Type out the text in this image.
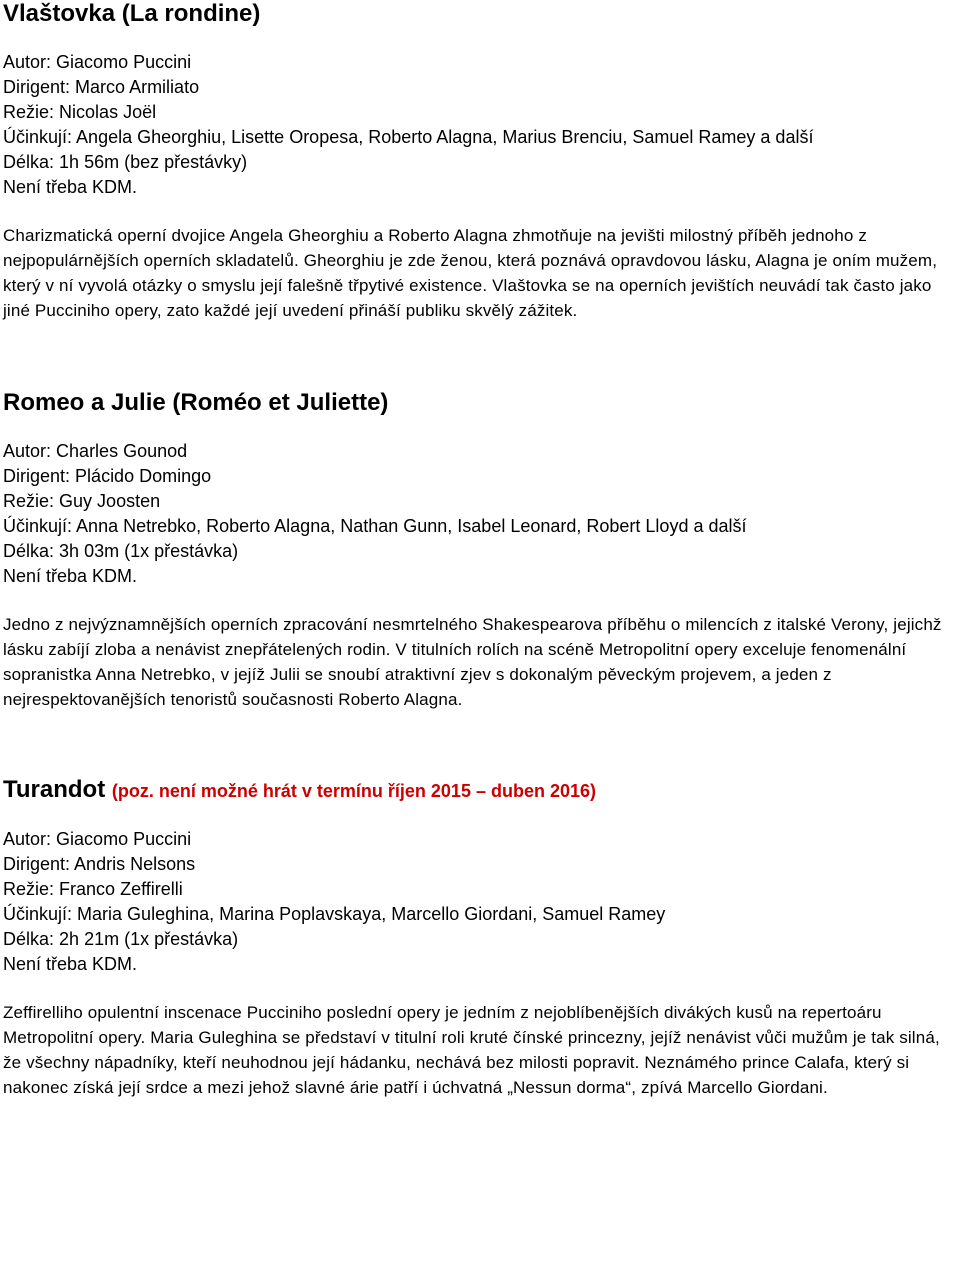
Vlaštovka (La rondine)
Autor: Giacomo Puccini
Dirigent: Marco Armiliato
Režie: Nicolas Joël
Účinkují: Angela Gheorghiu, Lisette Oropesa, Roberto Alagna, Marius Brenciu, Samuel Ramey a další
Délka: 1h 56m (bez přestávky)
Není třeba KDM.

Charizmatická operní dvojice Angela Gheorghiu a Roberto Alagna zhmotňuje na jevišti milostný příběh jednoho z nejpopulárnějších operních skladatelů. Gheorghiu je zde ženou, která poznává opravdovou lásku, Alagna je oním mužem, který v ní vyvolá otázky o smyslu její falešně třpytivé existence. Vlaštovka se na operních jevištích neuvádí tak často jako jiné Pucciniho opery, zato každé její uvedení přináší publiku skvělý zážitek.

Romeo a Julie (Roméo et Juliette)
Autor: Charles Gounod
Dirigent: Plácido Domingo
Režie: Guy Joosten
Účinkují: Anna Netrebko, Roberto Alagna, Nathan Gunn, Isabel Leonard, Robert Lloyd a další
Délka: 3h 03m (1x přestávka)
Není třeba KDM.

Jedno z nejvýznamnějších operních zpracování nesmrtelného Shakespearova příběhu o milencích z italské Verony, jejichž lásku zabíjí zloba a nenávist znepřátelených rodin. V titulních rolích na scéně Metropolitní opery exceluje fenomenální sopranistka Anna Netrebko, v jejíž Julii se snoubí atraktivní zjev s dokonalým pěveckým projevem, a jeden z nejrespektovanějších tenoristů současnosti Roberto Alagna.

Turandot (poz. není možné hrát v termínu říjen 2015 – duben 2016)
Autor: Giacomo Puccini
Dirigent: Andris Nelsons
Režie: Franco Zeffirelli
Účinkují: Maria Guleghina, Marina Poplavskaya, Marcello Giordani, Samuel Ramey
Délka: 2h 21m (1x přestávka)
Není třeba KDM.

Zeffirelliho opulentní inscenace Pucciniho poslední opery je jedním z nejoblíbenějších divákých kusů na repertoáru Metropolitní opery. Maria Guleghina se představí v titulní roli kruté čínské princezny, jejíž nenávist vůči mužům je tak silná, že všechny nápadníky, kteří neuhodnou její hádanku, nechává bez milosti popravit. Neznámého prince Calafa, který si nakonec získá její srdce a mezi jehož slavné árie patří i úchvatná „Nessun dorma“, zpívá Marcello Giordani.
